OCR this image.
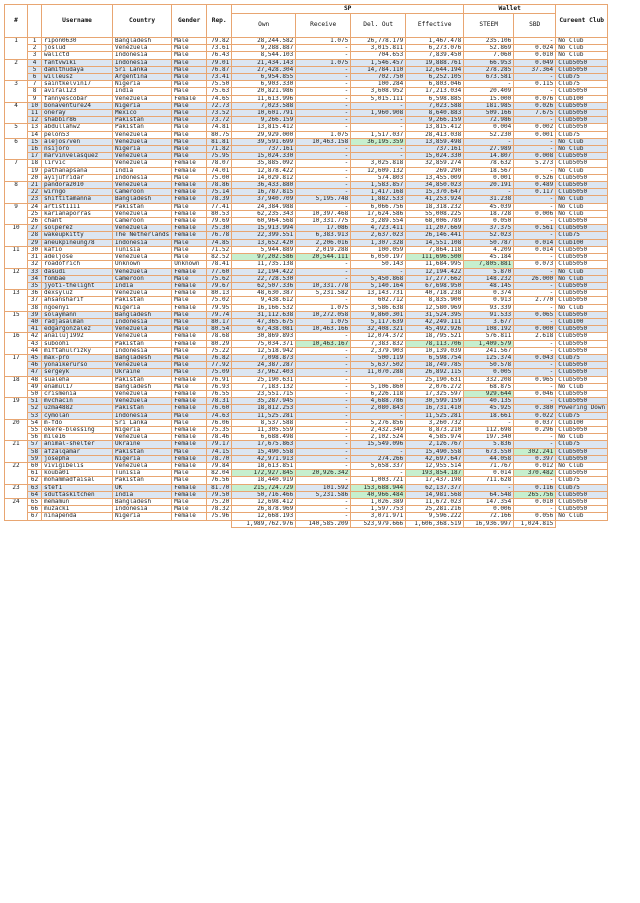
#		Username	Country	Gender	Rep.	SP				Wallet		Cureent Club
						Own	Receive	Del. Out	Effective	STEEM	SBD	
1	1	ripon0630	Bangladesh	Male	79.82	28,244.582	1.075	26,778.179	1,467.478	235.106	-	No Club
	2	joslud	Venezuela	Male	73.61	9,288.887	-	3,015.811	6,273.076	52.869	0.024	No Club
	3	walictd	Indonesia	Male	76.43	8,544.103	-	704.653	7,839.450	7.060	0.010	No Club
2	4	fantvwiki	Indonesia	Male	79.01	21,434.143	1.075	1,546.457	19,888.761	66.953	0.049	Club5050
	5	damithudaya	Sri Lanka	Male	76.87	27,428.304	-	14,784.110	12,644.194	278.285	37.364	Club5050
	6	willeusz	Argentina	Male	73.41	6,954.855	-	702.750	6,252.105	673.581	-	Club75
3	7	saintkelvin17	Nigeria	Male	75.50	6,903.330	-	100.284	6,803.046	-	0.115	Club75
	8	aviral123	India	Male	75.63	20,821.986	-	3,608.952	17,213.034	20.409	-	Club5050
	9	fannyescobar	Venezuela	Female	74.65	11,613.996	-	5,015.111	6,598.885	15.000	0.076	Club100
4	10	bonaventure24	Nigeria	Male	72.73	7,023.588	-	-	7,023.588	181.985	0.026	Club5050
	11	oneray	Mexico	Male	73.52	10,601.791	-	1,960.908	8,640.883	509.166	7.675	Club5050
	12	shabbir86	Pakistan	Male	73.72	9,266.159	-	-	9,266.159	72.986	-	Club5050
5	13	abdullahw2	Pakistan	Male	74.81	13,815.412	-	-	13,815.412	0.004	0.002	Club5050
	14	pelon53	Venezuela	Male	80.75	29,929.000	1.075	1,517.037	28,413.038	52.230	0.001	Club75
6	15	alejos7ven	Venezuela	Male	81.81	39,591.699	10,463.158	36,195.359	13,859.498	-	-	No Club
	16	nsijoro	Nigeria	Male	71.82	737.161	-	-	737.161	27.989	-	No Club
	17	marvinvelasquez	Venezuela	Male	75.95	15,024.330	-	-	15,024.330	14.807	0.008	Club5050
7	18	lirvic	Venezuela	Female	78.07	35,885.092	-	3,025.818	32,859.274	78.632	5.273	Club5050
	19	pathanapsana	India	Female	74.01	12,878.422	-	12,609.132	269.290	18.567	-	No Club
	20	ayijufridar	Indonesia	Male	75.00	14,029.812	-	574.803	13,455.009	0.001	0.526	Club5050
8	21	pandora2010	Venezuela	Female	78.86	36,433.880	-	1,583.857	34,850.023	20.191	0.489	Club5050
	22	wirngo	Cameroon	Female	75.14	16,787.815	-	1,417.168	15,370.647	-	0.117	Club5050
	23	shiftitamanna	Bangladesh	Female	78.39	37,940.709	5,195.748	1,882.533	41,253.924	31.238	-	No Club
9	24	artist1111	Pakistan	Male	77.41	24,384.988	-	6,066.756	18,318.232	45.039	-	No Club
	25	karianaporras	Venezuela	Female	80.53	62,235.343	10,397.468	17,624.586	55,008.225	18.728	0.006	No Club
	26	chant	Cameroon	Female	79.69	60,964.568	10,331.775	3,289.554	68,006.789	0.050	-	Club5050
10	27	solperez	Venezuela	Female	75.30	15,913.994	17.086	4,723.411	11,207.669	37.375	0.561	Club5050
	28	wakeupkitty	The Netherlands	Female	76.78	22,399.551	6,383.913	2,637.023	26,146.441	52.023	-	Club75
	29	aneukpineung78	Indonesia	Male	74.85	13,652.420	2,206.016	1,307.328	14,551.108	50.787	0.014	Club100
11	30	kafio	Tunisia	Male	71.52	5,944.889	2,019.288	100.059	7,864.118	4.209	0.014	Club5050
	31	adeljose	Venezuela	Male	82.52	97,202.586	20,544.111	6,050.197	111,696.500	45.184	-	Club5050
	32	roadofrich	Unknown	Unknown	78.41	11,735.138	-	50.143	11,684.995	7,805.881	0.073	Club5050
12	33	dasudi	Venezuela	Female	77.60	12,194.422	-	-	12,194.422	5.870	-	No Club
	34	fombae	Cameroon	Male	75.62	22,728.530	-	5,450.868	17,277.662	148.232	26.000	No Club
	35	jyoti-thelight	India	Female	79.67	62,507.336	10,331.778	5,140.164	67,698.950	48.145	-	Club5050
13	36	dexsyluz	Venezuela	Female	80.13	48,630.387	5,231.582	13,143.731	40,718.238	0.374	-	Club5050
	37	ahsansharif	Pakistan	Male	75.02	9,438.612	-	602.712	8,835.900	0.913	2.770	Club5050
	38	ngoenyi	Nigeria	Female	79.95	16,166.532	1.075	3,586.638	12,580.969	93.339	-	No Club
15	39	solaymann	Bangladesh	Male	79.74	31,112.638	10,272.058	9,860.301	31,524.395	91.533	0.065	Club5050
	40	radjasalman	Indonesia	Male	80.17	47,365.675	1.075	5,117.639	42,249.111	3.677	-	Club100
	41	edgargonzalez	Venezuela	Male	80.54	67,438.081	10,463.166	32,408.321	45,492.926	108.192	0.000	Club5050
16	42	anailuj1992	Venezuela	Female	78.68	30,869.893	-	12,074.372	18,795.521	576.811	2.618	Club5050
	43	suboohi	Pakistan	Female	80.29	75,034.371	10,463.167	7,383.832	78,113.706	1,409.579	-	Club5050
	44	miftahulrizky	Indonesia	Male	75.22	12,518.942	-	2,379.903	10,139.039	241.567	-	Club5050
17	45	max-pro	Bangladesh	Male	76.82	7,098.873	-	500.119	6,598.754	125.374	0.043	Club75
	46	yonaikerurso	Venezuela	Male	77.92	24,387.287	-	5,637.502	18,749.785	50.578	-	Club5050
	47	sergeyk	Ukraine	Male	75.09	37,962.403	-	11,070.288	26,892.115	0.005	-	Club5050
18	48	sualeha	Pakistan	Female	76.91	25,190.631	-	-	25,190.631	332.208	0.965	Club5050
	49	enamul17	Bangladesh	Male	76.93	7,183.132	-	5,106.860	2,076.272	68.875	-	No Club
	50	crismenia	Venezuela	Female	76.55	23,551.715	-	6,226.118	17,325.597	929.644	0.046	Club5050
19	51	mvchacin	Venezuela	Female	78.31	35,287.945	-	4,688.786	30,599.159	40.135	-	Club5050
	52	uzma4882	Pakistan	Female	76.60	18,812.253	-	2,080.843	16,731.410	45.925	0.380	Powering Down
	53	cymolan	Indonesia	Male	74.63	11,525.281	-	-	11,525.281	18.661	0.022	Club75
20	54	m-fdo	Sri Lanka	Male	76.06	8,537.588	-	5,276.856	3,260.732	-	0.037	Club100
	55	okere-blessing	Nigeria	Female	75.35	11,305.559	-	2,432.349	8,873.210	112.698	0.296	Club5050
	56	mile16	Venezuela	Female	78.46	6,688.498	-	2,102.524	4,585.974	197.340	-	No Club
21	57	animal-shelter	Ukraine	Female	79.17	17,675.863	-	15,549.096	2,126.767	5.836	-	Club75
	58	afzalqamar	Pakistan	Male	74.15	15,490.558	-	-	15,490.558	673.550	302.241	Club5050
	59	josepha	Nigeria	Female	78.70	42,971.913	-	274.266	42,697.647	44.058	0.397	Club5050
22	60	vivigibelis	Venezuela	Female	79.84	18,613.851	-	5,658.337	12,955.514	71.767	0.012	No Club
	61	kouba01	Tunisia	Male	82.04	172,927.845	20,926.342	-	193,854.187	0.014	370.482	Club5050
	62	mohammadfaisal	Pakistan	Male	76.56	18,440.919	-	1,003.721	17,437.198	711.628	-	Club75
23	63	stef1	UK	Female	81.70	215,724.729	101.592	153,688.944	62,137.377	-	0.116	Club75
	64	sduttaskitchen	India	Female	79.50	50,716.466	5,231.586	40,966.484	14,981.568	64.548	265.756	Club5050
24	65	memamun	Bangladesh	Male	75.20	12,698.412	-	1,026.389	11,672.023	147.354	0.010	Club5050
	66	muzack1	Indonesia	Male	78.32	26,878.969	-	1,597.753	25,281.216	0.006	-	Club5050
	67	ninapenda	Nigeria	Female	75.96	12,668.193	-	3,071.971	9,596.222	72.166	0.056	No Club
						1,989,762.976	140,585.209	523,979.666	1,606,368.519	16,936.997	1,024.815	
